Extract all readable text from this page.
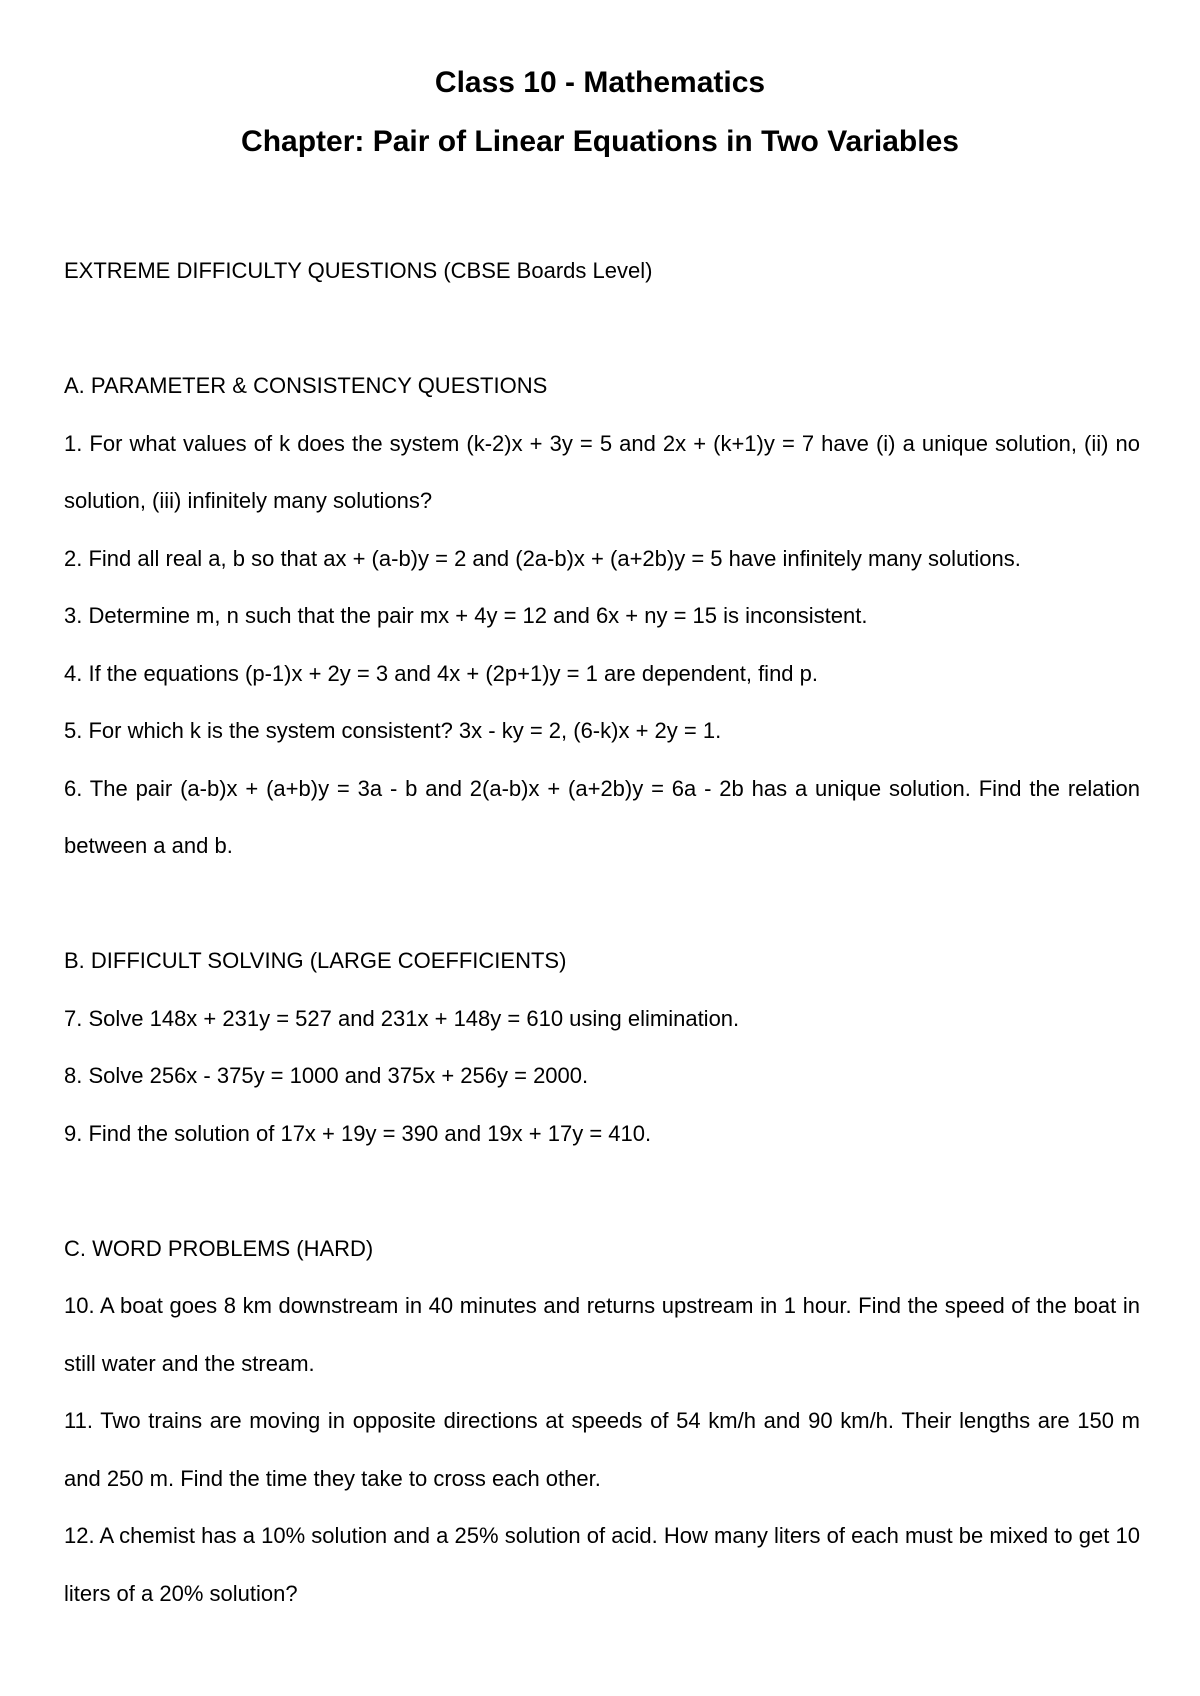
Class 10 - Mathematics
Chapter: Pair of Linear Equations in Two Variables

EXTREME DIFFICULTY QUESTIONS (CBSE Boards Level)

A. PARAMETER & CONSISTENCY QUESTIONS

1. For what values of k does the system (k-2)x + 3y = 5 and 2x + (k+1)y = 7 have (i) a unique solution, (ii) no solution, (iii) infinitely many solutions?

2. Find all real a, b so that ax + (a-b)y = 2 and (2a-b)x + (a+2b)y = 5 have infinitely many solutions.

3. Determine m, n such that the pair mx + 4y = 12 and 6x + ny = 15 is inconsistent.

4. If the equations (p-1)x + 2y = 3 and 4x + (2p+1)y = 1 are dependent, find p.

5. For which k is the system consistent? 3x - ky = 2, (6-k)x + 2y = 1.

6. The pair (a-b)x + (a+b)y = 3a - b and 2(a-b)x + (a+2b)y = 6a - 2b has a unique solution. Find the relation between a and b.

B. DIFFICULT SOLVING (LARGE COEFFICIENTS)

7. Solve 148x + 231y = 527 and 231x + 148y = 610 using elimination.

8. Solve 256x - 375y = 1000 and 375x + 256y = 2000.

9. Find the solution of 17x + 19y = 390 and 19x + 17y = 410.

C. WORD PROBLEMS (HARD)

10. A boat goes 8 km downstream in 40 minutes and returns upstream in 1 hour. Find the speed of the boat in still water and the stream.

11. Two trains are moving in opposite directions at speeds of 54 km/h and 90 km/h. Their lengths are 150 m and 250 m. Find the time they take to cross each other.

12. A chemist has a 10% solution and a 25% solution of acid. How many liters of each must be mixed to get 10 liters of a 20% solution?
